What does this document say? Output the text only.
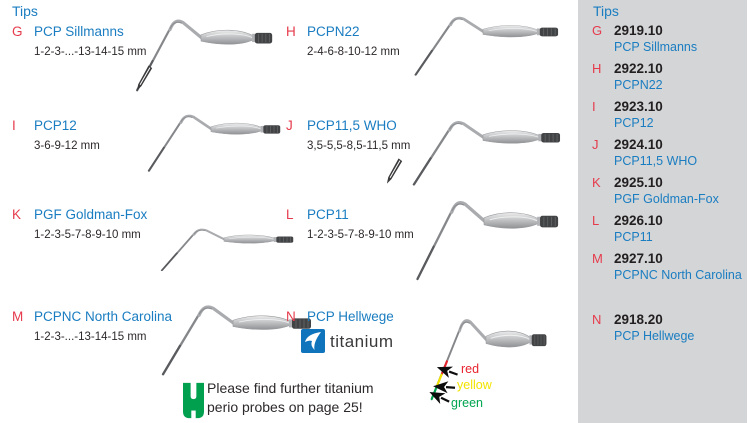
Tips
G PCP Sillmanns
1-2-3-...-13-14-15 mm
H PCPN22
2-4-6-8-10-12 mm
I PCP12
3-6-9-12 mm
J PCP11,5 WHO
3,5-5,5-8,5-11,5 mm
K PGF Goldman-Fox
1-2-3-5-7-8-9-10 mm
L PCP11
1-2-3-5-7-8-9-10 mm
M PCPNC North Carolina
1-2-3-...-13-14-15 mm
N PCP Hellwege
titanium
red
yellow
green
Please find further titanium
perio probes on page 25!
Tips
G 2919.10
PCP Sillmanns
H 2922.10
PCPN22
I 2923.10
PCP12
J 2924.10
PCP11,5 WHO
K 2925.10
PGF Goldman-Fox
L 2926.10
PCP11
M 2927.10
PCPNC North Carolina
N 2918.20
PCP Hellwege
